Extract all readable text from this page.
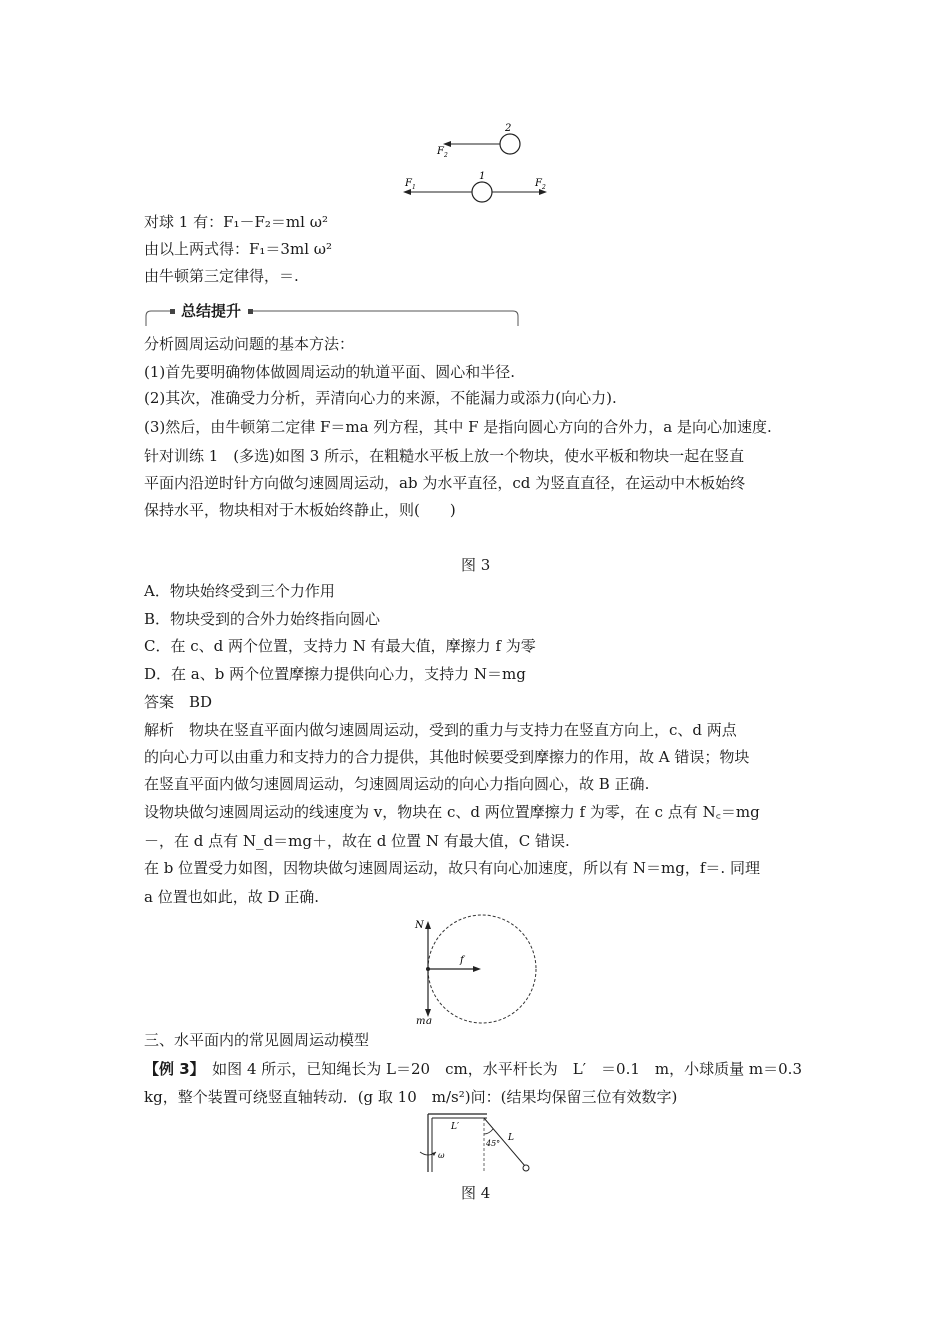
2
F 2
1
F 1	F 2
对球 1 有：F₁－F₂＝ml ω²
由以上两式得：F₁＝3ml ω²
由牛顿第三定律得，＝.
总结提升
分析圆周运动问题的基本方法：
(1)首先要明确物体做圆周运动的轨道平面、圆心和半径.
(2)其次，准确受力分析，弄清向心力的来源，不能漏力或添力(向心力).
(3)然后，由牛顿第二定律 F＝ma 列方程，其中 F 是指向圆心方向的合外力，a 是向心加速度.
针对训练 1　(多选)如图 3 所示，在粗糙水平板上放一个物块，使水平板和物块一起在竖直
平面内沿逆时针方向做匀速圆周运动，ab 为水平直径，cd 为竖直直径，在运动中木板始终
保持水平，物块相对于木板始终静止，则(　　)
图 3
A．物块始终受到三个力作用
B．物块受到的合外力始终指向圆心
C．在 c、d 两个位置，支持力 N 有最大值，摩擦力 f 为零
D．在 a、b 两个位置摩擦力提供向心力，支持力 N＝mg
答案　BD
解析　物块在竖直平面内做匀速圆周运动，受到的重力与支持力在竖直方向上，c、d 两点
的向心力可以由重力和支持力的合力提供，其他时候要受到摩擦力的作用，故 A 错误；物块
在竖直平面内做匀速圆周运动，匀速圆周运动的向心力指向圆心，故 B 正确.
设物块做匀速圆周运动的线速度为 v，物块在 c、d 两位置摩擦力 f 为零，在 c 点有 N꜀＝mg
－，在 d 点有 N_d＝mg＋，故在 d 位置 N 有最大值，C 错误.
在 b 位置受力如图，因物块做匀速圆周运动，故只有向心加速度，所以有 N＝mg，f＝. 同理
a 位置也如此，故 D 正确.
N
f
mg
三、水平面内的常见圆周运动模型
【例 3】　如图 4 所示，已知绳长为 L＝20　cm，水平杆长为　L′　＝0.1　m，小球质量 m＝0.3
kg，整个装置可绕竖直轴转动．(g 取 10　m/s²)问：(结果均保留三位有效数字)
L′
45°
L
ω
图 4
